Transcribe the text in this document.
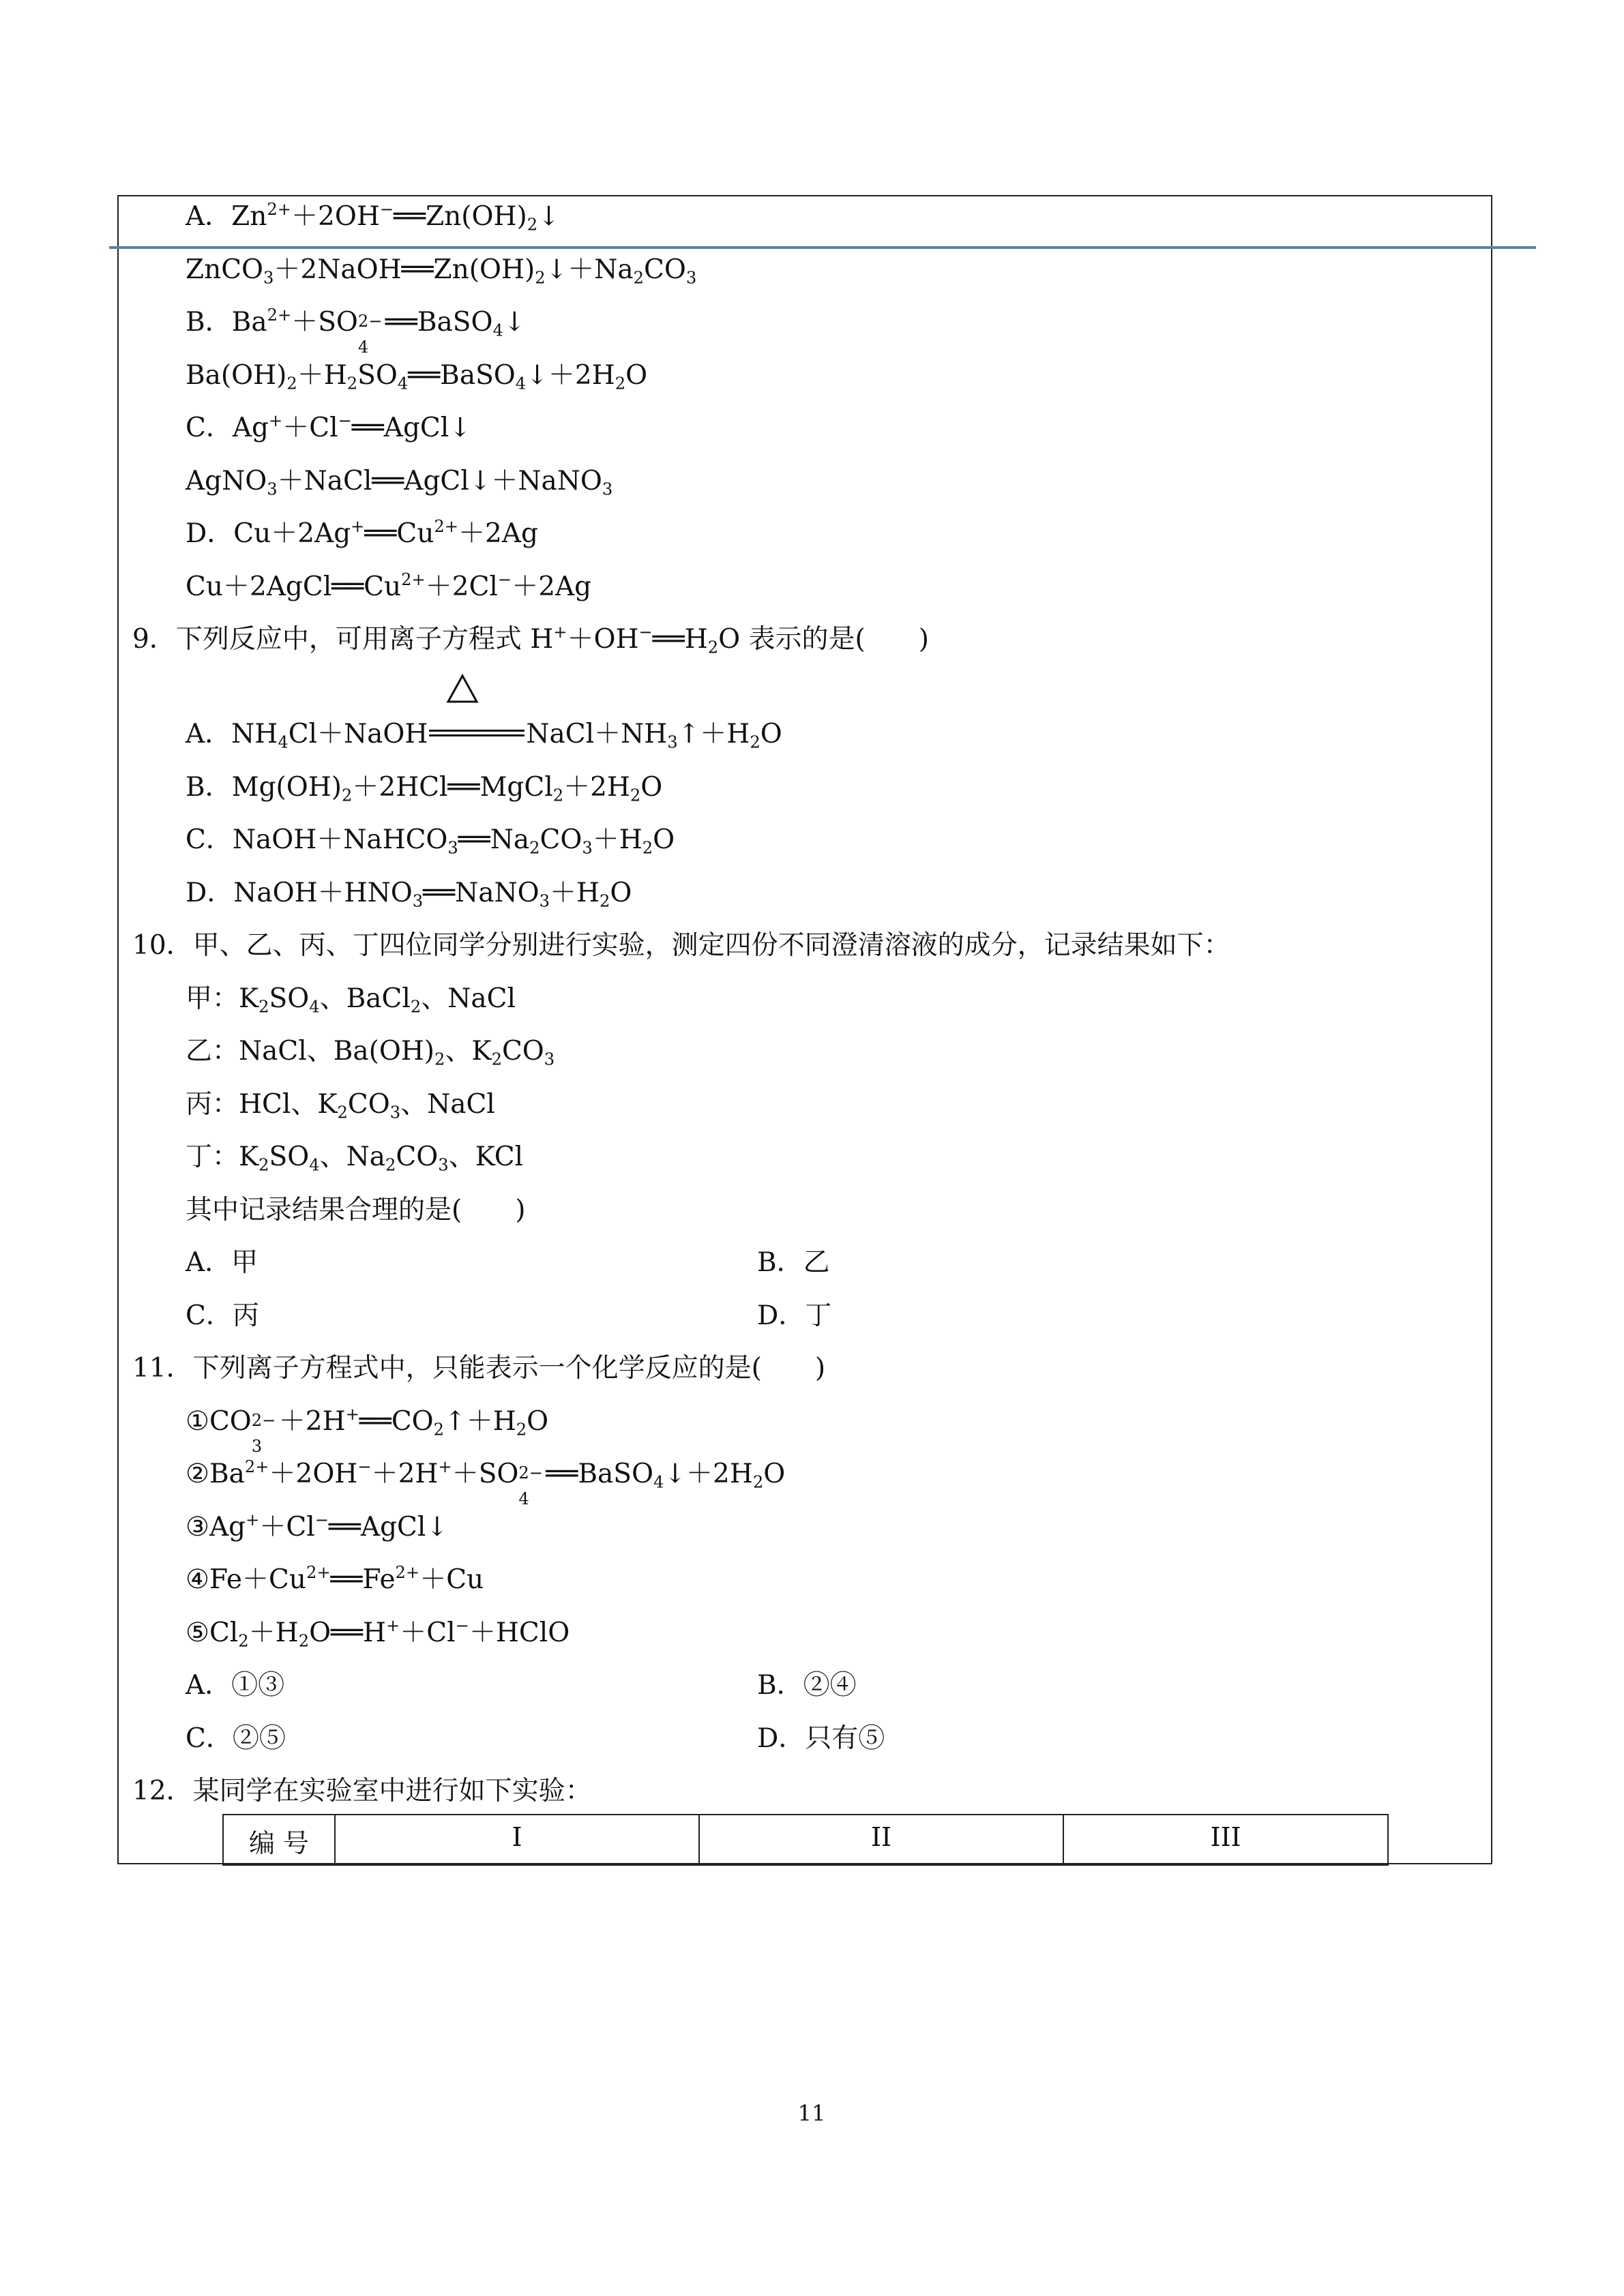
A．$Zn^{2+}+2OH^-══Zn(OH)_2↓$
$ZnCO_3+2NaOH══Zn(OH)_2↓+Na_2CO_3$
B．$Ba^{2+}+SO$ 2−
4
══BaSO$_4$↓
$Ba(OH)_2+H_2SO_4══BaSO_4↓+2H_2O$
C．Ag+＋Cl−══AgCl↓
AgNO$_3$＋NaCl══AgCl↓＋NaNO$_3$
D．$Cu+2Ag^+══Cu^{2+}+2Ag$
$Cu+2AgCl══Cu^{2+}+2Cl^-+2Ag$
9．下列反应中，可用离子方程式 $H^++OH^-══H_2O$ 表示的是(　　)
A．$NH_4Cl+NaOH$	$NaCl+NH_3↑+H_2O$
B．$Mg(OH)_2+2HCl══MgCl_2+2H_2O$
C．$NaOH+NaHCO_3══Na_2CO_3+H_2O$
D．$NaOH+HNO_3══NaNO_3+H_2O$
10．甲、乙、丙、丁四位同学分别进行实验，测定四份不同澄清溶液的成分，记录结果如下：
甲：$K_2SO_4$、BaCl$_2$、NaCl
乙：NaCl、$Ba(OH)_2$、$K_2CO_3$
丙：HCl、$K_2CO_3$、NaCl
丁：$K_2SO_4$、$Na_2CO_3$、KCl
其中记录结果合理的是(　　)
A．甲	B．乙
C．丙	D．丁
11．下列离子方程式中，只能表示一个化学反应的是(　　)
①CO 2−
3
$+2H^+══CO_2↑+H_2O$
$②Ba^{2+}+2OH^-+2H^++SO$ 2−
4
$══BaSO_4↓+2H_2O$
③Ag+＋Cl−══AgCl↓
$④Fe+Cu^{2+}══Fe^{2+}+Cu$
$⑤Cl_2+H_2O══H^++Cl^-+HClO$
A．①③	B．②④
C．②⑤	D．只有⑤
12．某同学在实验室中进行如下实验：
编 号	I	II	III
11
